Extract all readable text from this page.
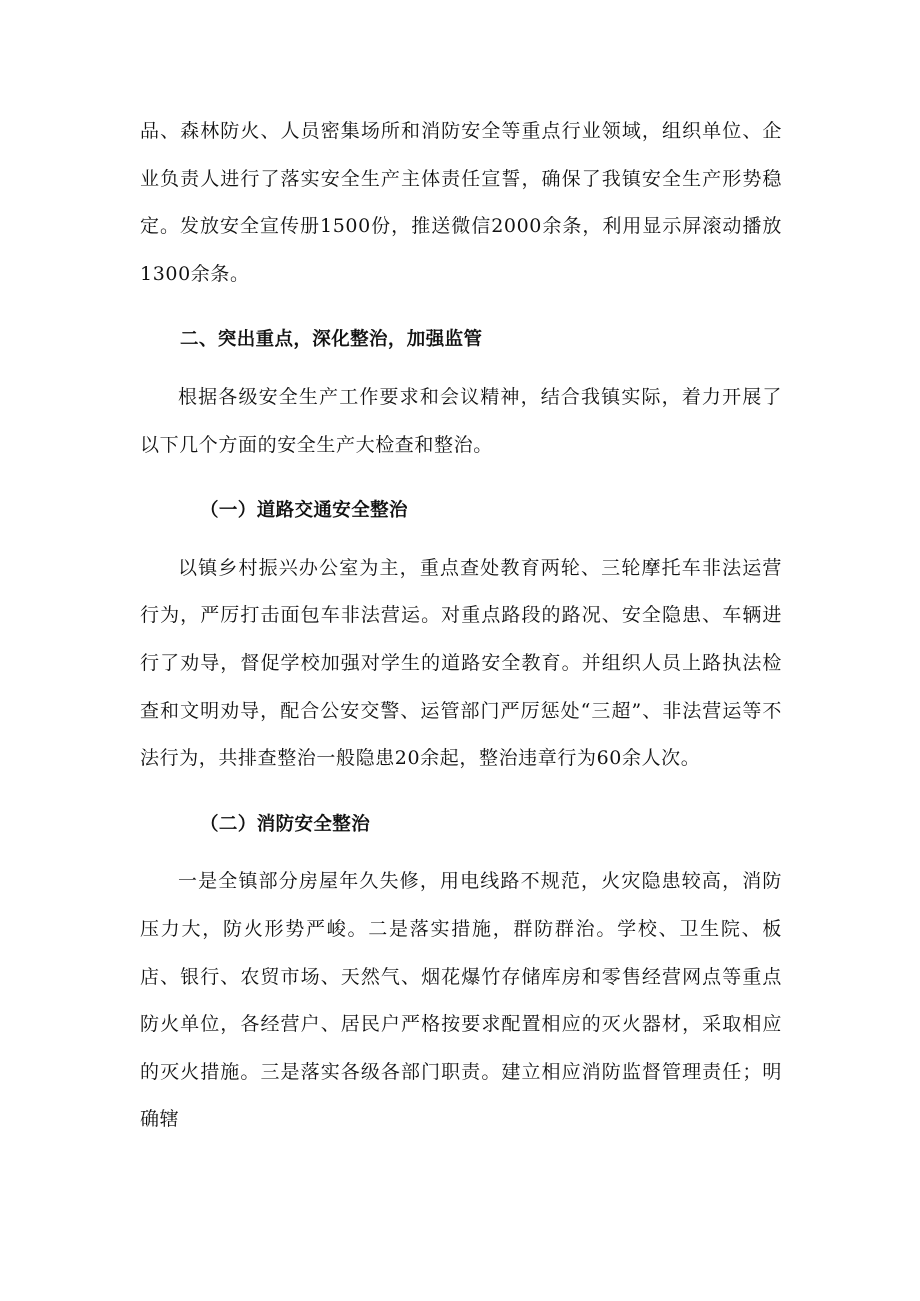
品、森林防火、人员密集场所和消防安全等重点行业领域，组织单位、企业负责人进行了落实安全生产主体责任宣誓，确保了我镇安全生产形势稳定。发放安全宣传册1500份，推送微信2000余条，利用显示屏滚动播放1300余条。

二、突出重点，深化整治，加强监管

根据各级安全生产工作要求和会议精神，结合我镇实际，着力开展了以下几个方面的安全生产大检查和整治。

（一）道路交通安全整治

以镇乡村振兴办公室为主，重点查处教育两轮、三轮摩托车非法运营行为，严厉打击面包车非法营运。对重点路段的路况、安全隐患、车辆进行了劝导，督促学校加强对学生的道路安全教育。并组织人员上路执法检查和文明劝导，配合公安交警、运管部门严厉惩处“三超”、非法营运等不法行为，共排查整治一般隐患20余起，整治违章行为60余人次。

（二）消防安全整治

一是全镇部分房屋年久失修，用电线路不规范，火灾隐患较高，消防压力大，防火形势严峻。二是落实措施，群防群治。学校、卫生院、板店、银行、农贸市场、天然气、烟花爆竹存储库房和零售经营网点等重点防火单位，各经营户、居民户严格按要求配置相应的灭火器材，采取相应的灭火措施。三是落实各级各部门职责。建立相应消防监督管理责任；明确辖
